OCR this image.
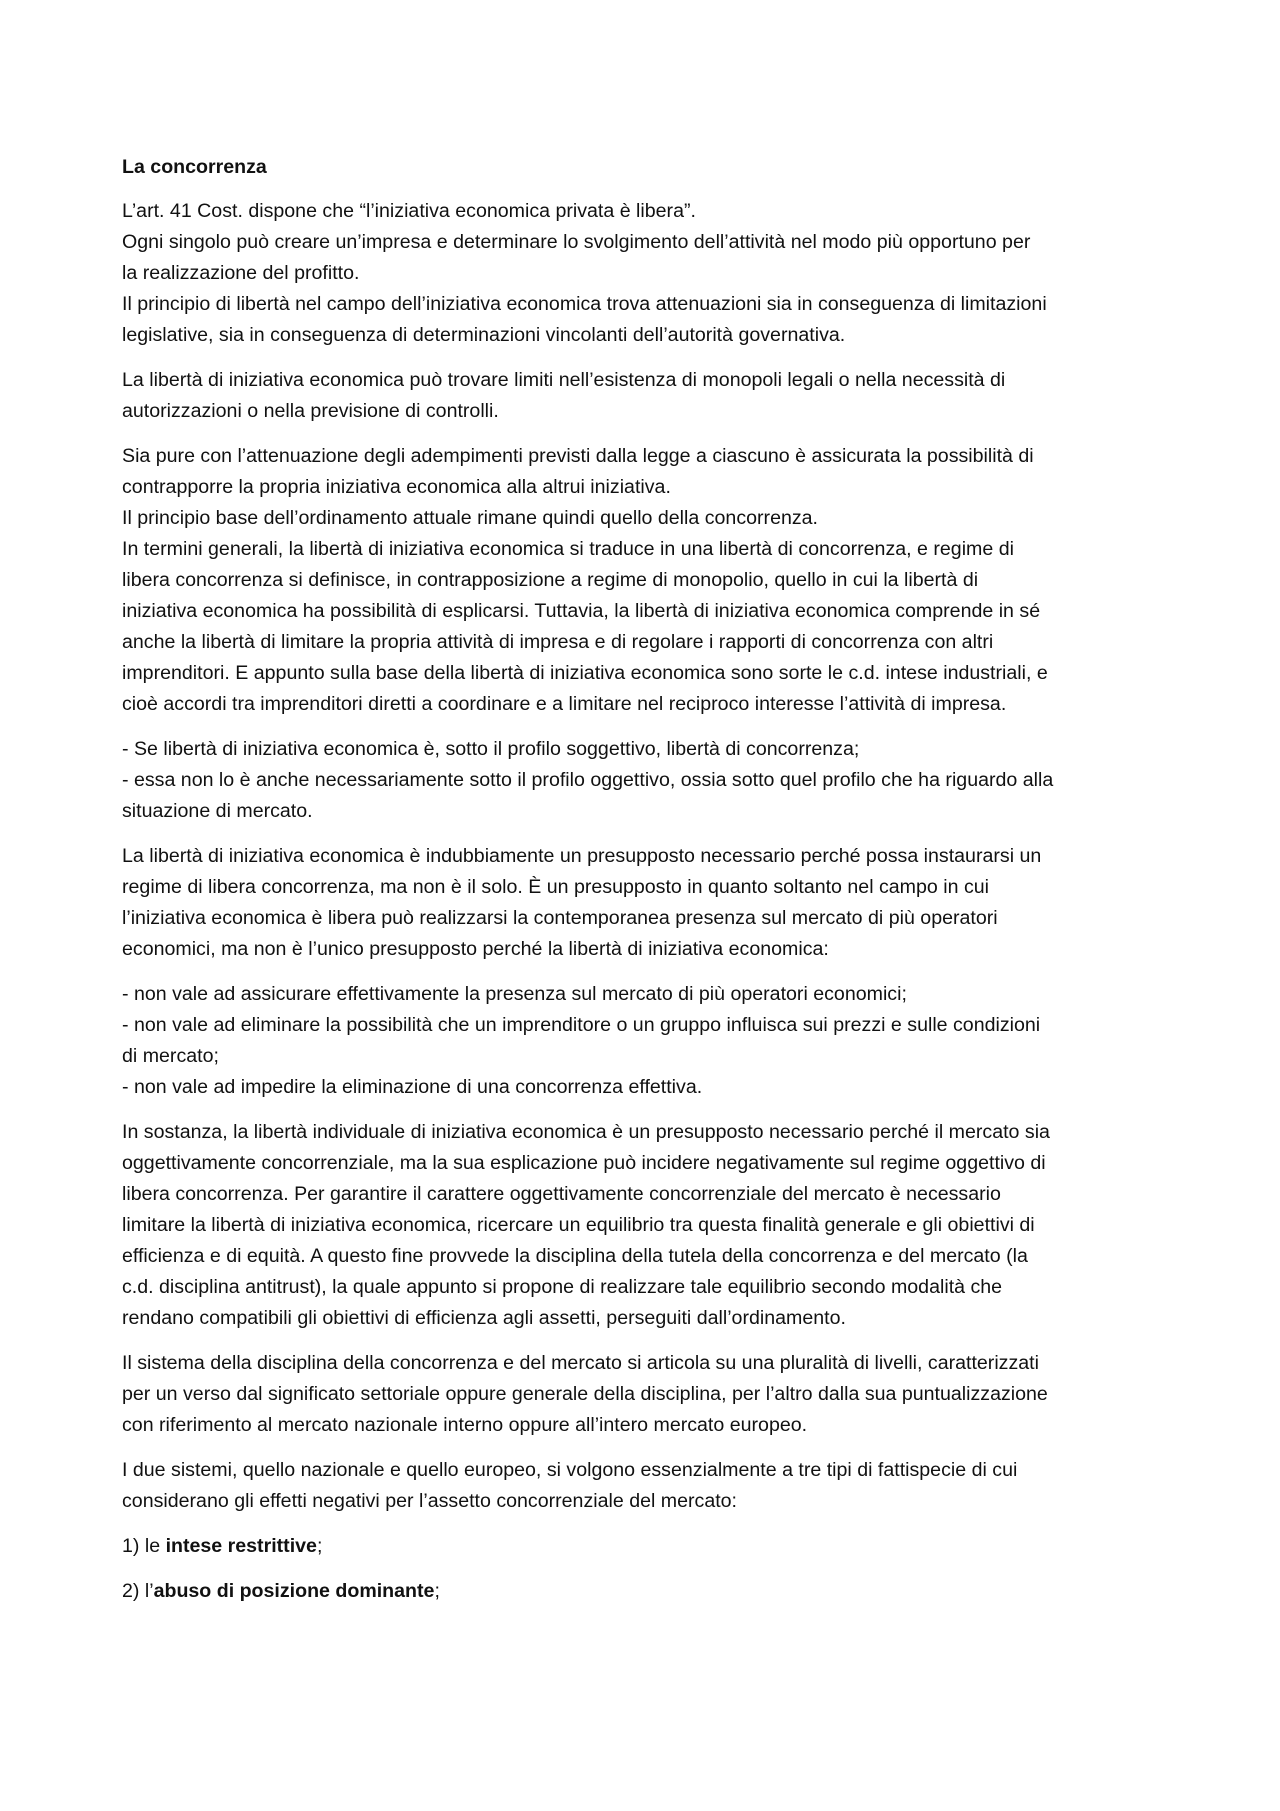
La concorrenza
L’art. 41 Cost. dispone che “l’iniziativa economica privata è libera”.
Ogni singolo può creare un’impresa e determinare lo svolgimento dell’attività nel modo più opportuno per
la realizzazione del profitto.
Il principio di libertà nel campo dell’iniziativa economica trova attenuazioni sia in conseguenza di limitazioni
legislative, sia in conseguenza di determinazioni vincolanti dell’autorità governativa.
La libertà di iniziativa economica può trovare limiti nell’esistenza di monopoli legali o nella necessità di
autorizzazioni o nella previsione di controlli.
Sia pure con l’attenuazione degli adempimenti previsti dalla legge a ciascuno è assicurata la possibilità di
contrapporre la propria iniziativa economica alla altrui iniziativa.
Il principio base dell’ordinamento attuale rimane quindi quello della concorrenza.
In termini generali, la libertà di iniziativa economica si traduce in una libertà di concorrenza, e regime di
libera concorrenza si definisce, in contrapposizione a regime di monopolio, quello in cui la libertà di
iniziativa economica ha possibilità di esplicarsi. Tuttavia, la libertà di iniziativa economica comprende in sé
anche la libertà di limitare la propria attività di impresa e di regolare i rapporti di concorrenza con altri
imprenditori. E appunto sulla base della libertà di iniziativa economica sono sorte le c.d. intese industriali, e
cioè accordi tra imprenditori diretti a coordinare e a limitare nel reciproco interesse l’attività di impresa.
- Se libertà di iniziativa economica è, sotto il profilo soggettivo, libertà di concorrenza;
- essa non lo è anche necessariamente sotto il profilo oggettivo, ossia sotto quel profilo che ha riguardo alla
situazione di mercato.
La libertà di iniziativa economica è indubbiamente un presupposto necessario perché possa instaurarsi un
regime di libera concorrenza, ma non è il solo. È un presupposto in quanto soltanto nel campo in cui
l’iniziativa economica è libera può realizzarsi la contemporanea presenza sul mercato di più operatori
economici, ma non è l’unico presupposto perché la libertà di iniziativa economica:
- non vale ad assicurare effettivamente la presenza sul mercato di più operatori economici;
- non vale ad eliminare la possibilità che un imprenditore o un gruppo influisca sui prezzi e sulle condizioni
di mercato;
- non vale ad impedire la eliminazione di una concorrenza effettiva.
In sostanza, la libertà individuale di iniziativa economica è un presupposto necessario perché il mercato sia
oggettivamente concorrenziale, ma la sua esplicazione può incidere negativamente sul regime oggettivo di
libera concorrenza. Per garantire il carattere oggettivamente concorrenziale del mercato è necessario
limitare la libertà di iniziativa economica, ricercare un equilibrio tra questa finalità generale e gli obiettivi di
efficienza e di equità. A questo fine provvede la disciplina della tutela della concorrenza e del mercato (la
c.d. disciplina antitrust), la quale appunto si propone di realizzare tale equilibrio secondo modalità che
rendano compatibili gli obiettivi di efficienza agli assetti, perseguiti dall’ordinamento.
Il sistema della disciplina della concorrenza e del mercato si articola su una pluralità di livelli, caratterizzati
per un verso dal significato settoriale oppure generale della disciplina, per l’altro dalla sua puntualizzazione
con riferimento al mercato nazionale interno oppure all’intero mercato europeo.
I due sistemi, quello nazionale e quello europeo, si volgono essenzialmente a tre tipi di fattispecie di cui
considerano gli effetti negativi per l’assetto concorrenziale del mercato:
1) le intese restrittive;
2) l’abuso di posizione dominante;
